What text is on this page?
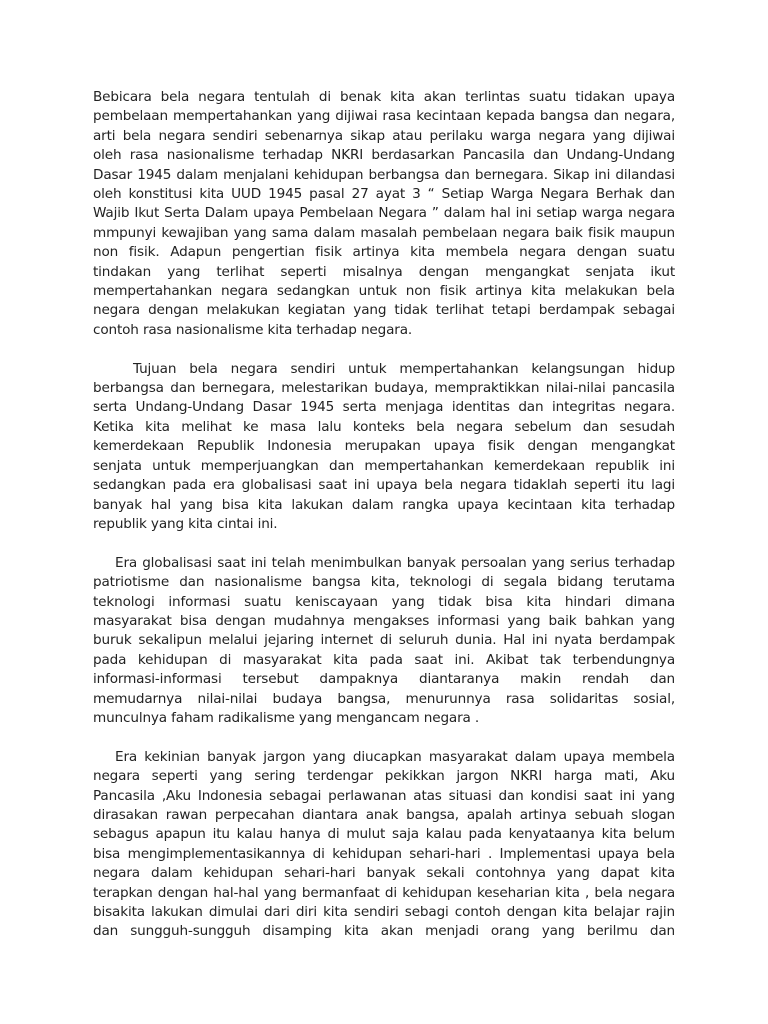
Bebicara bela negara tentulah di benak kita akan terlintas suatu tidakan upaya
pembelaan mempertahankan yang dijiwai rasa kecintaan kepada bangsa dan negara,
arti bela negara sendiri sebenarnya sikap atau perilaku warga negara yang dijiwai
oleh rasa nasionalisme terhadap NKRI berdasarkan Pancasila dan Undang-Undang
Dasar 1945 dalam menjalani kehidupan berbangsa dan bernegara. Sikap ini dilandasi
oleh konstitusi kita UUD 1945 pasal 27 ayat 3 “ Setiap Warga Negara Berhak dan
Wajib Ikut Serta Dalam upaya Pembelaan Negara ” dalam hal ini setiap warga negara
mmpunyi kewajiban yang sama dalam masalah pembelaan negara baik fisik maupun
non fisik. Adapun pengertian fisik artinya kita membela negara dengan suatu
tindakan yang terlihat seperti misalnya dengan mengangkat senjata ikut
mempertahankan negara sedangkan untuk non fisik artinya kita melakukan bela
negara dengan melakukan kegiatan yang tidak terlihat tetapi berdampak sebagai
contoh rasa nasionalisme kita terhadap negara.
Tujuan bela negara sendiri untuk mempertahankan kelangsungan hidup
berbangsa dan bernegara, melestarikan budaya, mempraktikkan nilai-nilai pancasila
serta Undang-Undang Dasar 1945 serta menjaga identitas dan integritas negara.
Ketika kita melihat ke masa lalu konteks bela negara sebelum dan sesudah
kemerdekaan Republik Indonesia merupakan upaya fisik dengan mengangkat
senjata untuk memperjuangkan dan mempertahankan kemerdekaan republik ini
sedangkan pada era globalisasi saat ini upaya bela negara tidaklah seperti itu lagi
banyak hal yang bisa kita lakukan dalam rangka upaya kecintaan kita terhadap
republik yang kita cintai ini.
Era globalisasi saat ini telah menimbulkan banyak persoalan yang serius terhadap
patriotisme dan nasionalisme bangsa kita, teknologi di segala bidang terutama
teknologi informasi suatu keniscayaan yang tidak bisa kita hindari dimana
masyarakat bisa dengan mudahnya mengakses informasi yang baik bahkan yang
buruk sekalipun melalui jejaring internet di seluruh dunia. Hal ini nyata berdampak
pada kehidupan di masyarakat kita pada saat ini. Akibat tak terbendungnya
informasi-informasi tersebut dampaknya diantaranya makin rendah dan
memudarnya nilai-nilai budaya bangsa, menurunnya rasa solidaritas sosial,
munculnya faham radikalisme yang mengancam negara .
Era kekinian banyak jargon yang diucapkan masyarakat dalam upaya membela
negara seperti yang sering terdengar pekikkan jargon NKRI harga mati, Aku
Pancasila ,Aku Indonesia sebagai perlawanan atas situasi dan kondisi saat ini yang
dirasakan rawan perpecahan diantara anak bangsa, apalah artinya sebuah slogan
sebagus apapun itu kalau hanya di mulut saja kalau pada kenyataanya kita belum
bisa mengimplementasikannya di kehidupan sehari-hari . Implementasi upaya bela
negara dalam kehidupan sehari-hari banyak sekali contohnya yang dapat kita
terapkan dengan hal-hal yang bermanfaat di kehidupan keseharian kita , bela negara
bisakita lakukan dimulai dari diri kita sendiri sebagi contoh dengan kita belajar rajin
dan sungguh-sungguh disamping kita akan menjadi orang yang berilmu dan
